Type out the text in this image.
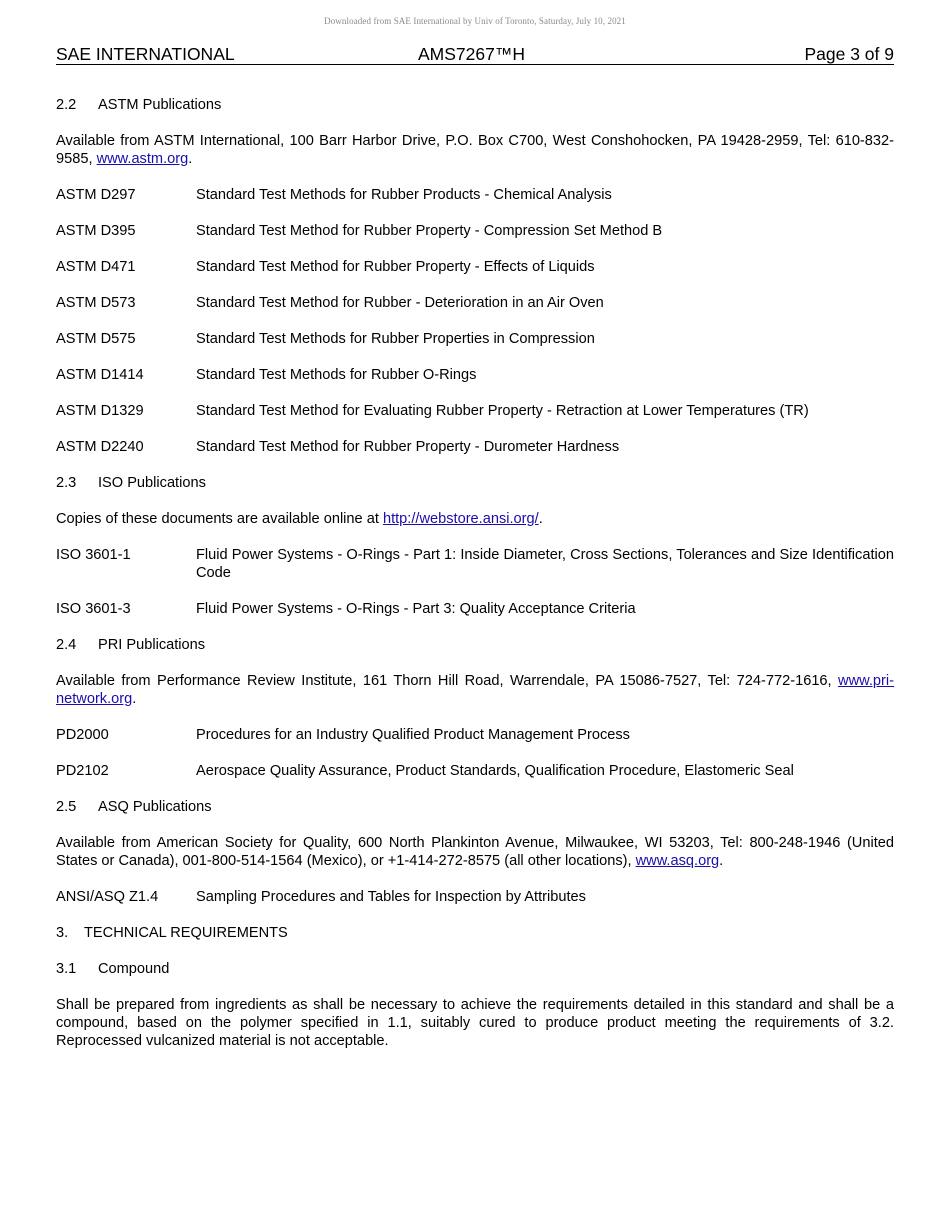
Downloaded from SAE International by Univ of Toronto, Saturday, July 10, 2021
SAE INTERNATIONAL	AMS7267™H	Page 3 of 9
2.2 ASTM Publications
Available from ASTM International, 100 Barr Harbor Drive, P.O. Box C700, West Conshohocken, PA 19428-2959, Tel: 610-832-9585, www.astm.org.
ASTM D297	Standard Test Methods for Rubber Products - Chemical Analysis
ASTM D395	Standard Test Method for Rubber Property - Compression Set Method B
ASTM D471	Standard Test Method for Rubber Property - Effects of Liquids
ASTM D573	Standard Test Method for Rubber - Deterioration in an Air Oven
ASTM D575	Standard Test Methods for Rubber Properties in Compression
ASTM D1414	Standard Test Methods for Rubber O-Rings
ASTM D1329	Standard Test Method for Evaluating Rubber Property - Retraction at Lower Temperatures (TR)
ASTM D2240	Standard Test Method for Rubber Property - Durometer Hardness
2.3 ISO Publications
Copies of these documents are available online at http://webstore.ansi.org/.
ISO 3601-1	Fluid Power Systems - O-Rings - Part 1: Inside Diameter, Cross Sections, Tolerances and Size Identification Code
ISO 3601-3	Fluid Power Systems - O-Rings - Part 3: Quality Acceptance Criteria
2.4 PRI Publications
Available from Performance Review Institute, 161 Thorn Hill Road, Warrendale, PA 15086-7527, Tel: 724-772-1616, www.pri-network.org.
PD2000	Procedures for an Industry Qualified Product Management Process
PD2102	Aerospace Quality Assurance, Product Standards, Qualification Procedure, Elastomeric Seal
2.5 ASQ Publications
Available from American Society for Quality, 600 North Plankinton Avenue, Milwaukee, WI 53203, Tel: 800-248-1946 (United States or Canada), 001-800-514-1564 (Mexico), or +1-414-272-8575 (all other locations), www.asq.org.
ANSI/ASQ Z1.4	Sampling Procedures and Tables for Inspection by Attributes
3. TECHNICAL REQUIREMENTS
3.1 Compound
Shall be prepared from ingredients as shall be necessary to achieve the requirements detailed in this standard and shall be a compound, based on the polymer specified in 1.1, suitably cured to produce product meeting the requirements of 3.2. Reprocessed vulcanized material is not acceptable.
